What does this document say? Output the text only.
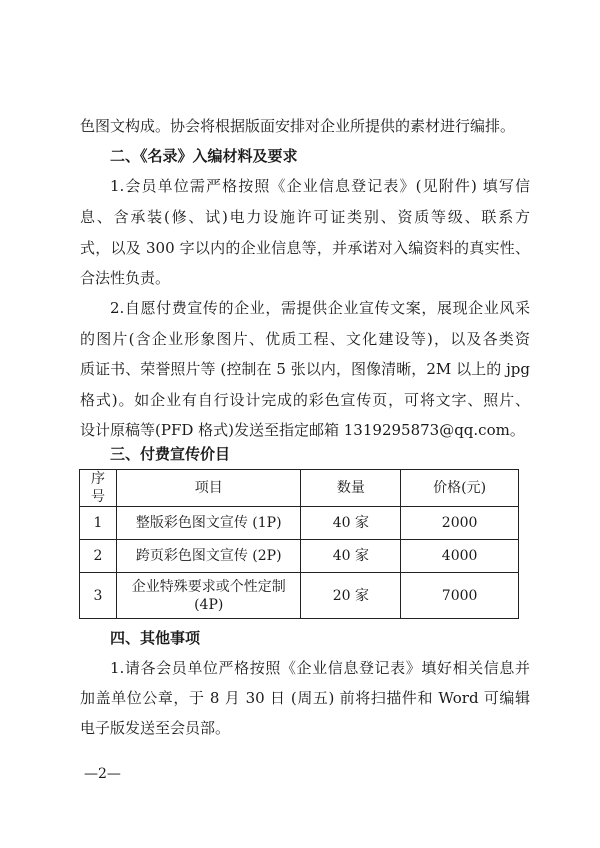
色图文构成。协会将根据版面安排对企业所提供的素材进行编排。
二、《名录》入编材料及要求
1.会员单位需严格按照《企业信息登记表》(见附件) 填写信
息、含承装(修、试)电力设施许可证类别、资质等级、联系方
式，以及 300 字以内的企业信息等，并承诺对入编资料的真实性、
合法性负责。
2.自愿付费宣传的企业，需提供企业宣传文案，展现企业风采
的图片(含企业形象图片、优质工程、文化建设等)，以及各类资
质证书、荣誉照片等 (控制在 5 张以内，图像清晰，2M 以上的 jpg
格式)。如企业有自行设计完成的彩色宣传页，可将文字、照片、
设计原稿等(PFD 格式)发送至指定邮箱 1319295873@qq.com。
三、付费宣传价目
序号	项目	数量	价格(元)
1	整版彩色图文宣传 (1P)	40 家	2000
2	跨页彩色图文宣传 (2P)	40 家	4000
3	企业特殊要求或个性定制
(4P)	20 家	7000
四、其他事项
1.请各会员单位严格按照《企业信息登记表》填好相关信息并
加盖单位公章，于 8 月 30 日 (周五) 前将扫描件和 Word 可编辑
电子版发送至会员部。
—2—
